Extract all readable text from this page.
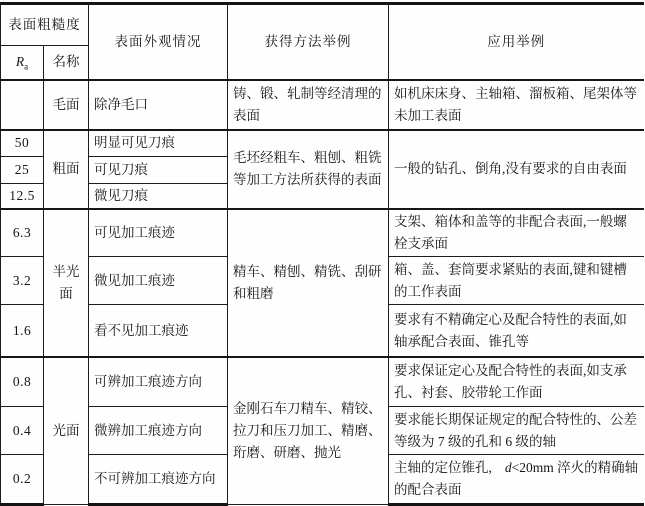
表面粗糙度		表面外观情况	获得方法举例	应用举例
$R_a$	名称			
	毛面	除净毛口	铸、锻、轧制等经清理的表面	如机床床身、主轴箱、溜板箱、尾架体等未加工表面
50	粗面	明显可见刀痕	毛坯经粗车、粗刨、粗铣等加工方法所获得的表面	一般的钻孔、倒角,没有要求的自由表面
25		可见刀痕		
12.5		微见刀痕		
6.3	半光面	可见加工痕迹	精车、精刨、精铣、刮研和粗磨	支架、箱体和盖等的非配合表面,一般螺栓支承面
3.2		微见加工痕迹		箱、盖、套筒要求紧贴的表面,键和键槽的工作表面
1.6		看不见加工痕迹		要求有不精确定心及配合特性的表面,如轴承配合表面、锥孔等
0.8	光面	可辨加工痕迹方向	金刚石车刀精车、精铰、拉刀和压刀加工、精磨、珩磨、研磨、抛光	要求保证定心及配合特性的表面,如支承孔、衬套、胶带轮工作面
0.4		微辨加工痕迹方向		要求能长期保证规定的配合特性的、公差等级为 7 级的孔和 6 级的轴
0.2		不可辨加工痕迹方向		主轴的定位锥孔, d<20mm 淬火的精确轴的配合表面
